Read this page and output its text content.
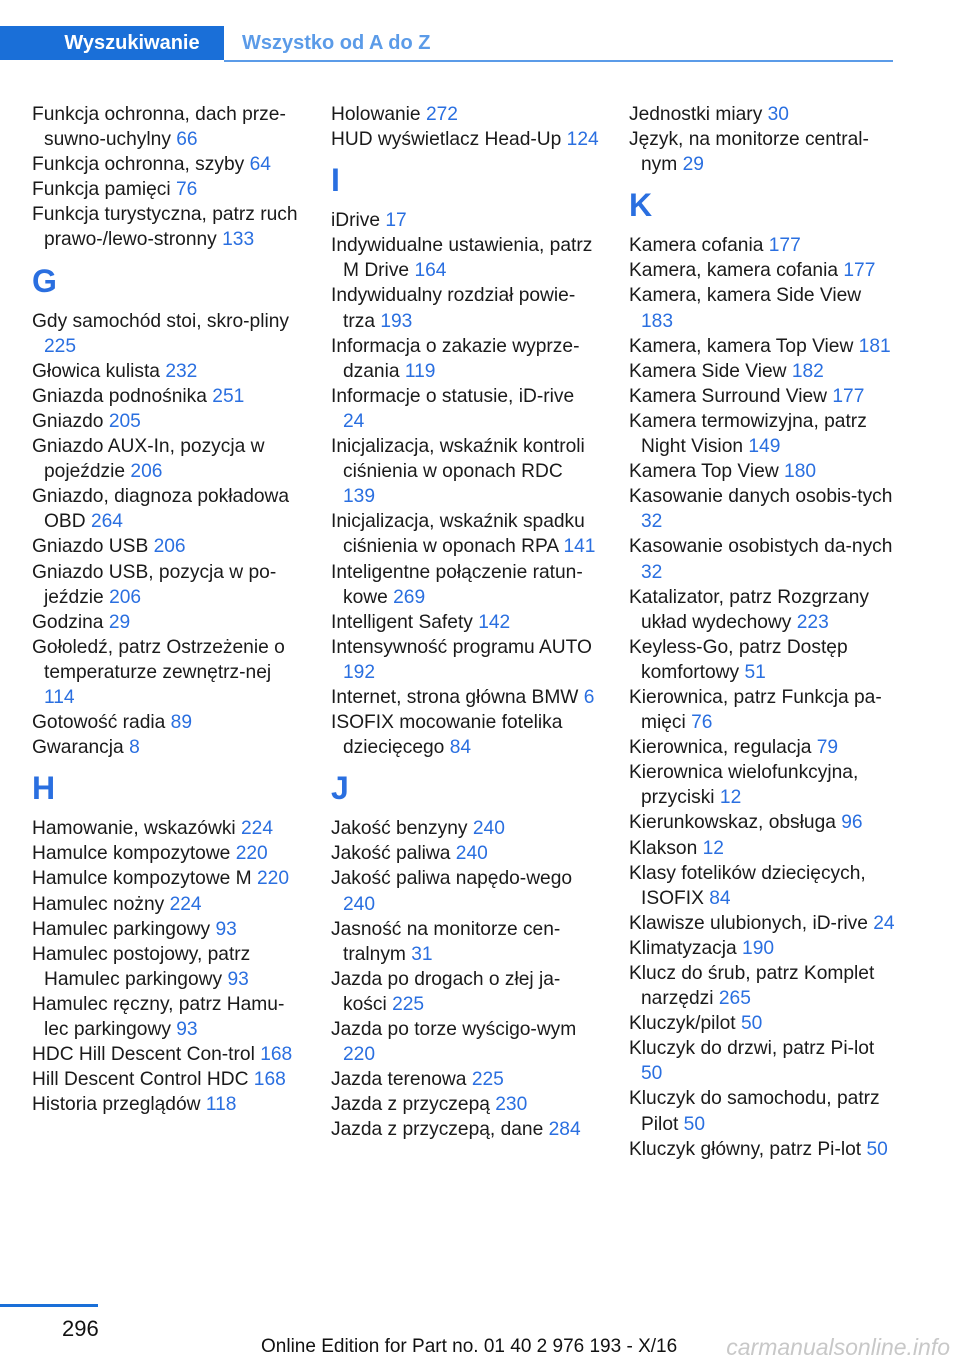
Wyszukiwanie	Wszystko od A do Z
Funkcja ochronna, dach prze-suwno-uchylny 66
Funkcja ochronna, szyby 64
Funkcja pamięci 76
Funkcja turystyczna, patrz ruch prawo-/lewo-stronny 133
G
Gdy samochód stoi, skro-pliny 225
Głowica kulista 232
Gniazda podnośnika 251
Gniazdo 205
Gniazdo AUX-In, pozycja w pojeździe 206
Gniazdo, diagnoza pokładowa OBD 264
Gniazdo USB 206
Gniazdo USB, pozycja w po-jeździe 206
Godzina 29
Gołoledź, patrz Ostrzeżenie o temperaturze zewnętrz-nej 114
Gotowość radia 89
Gwarancja 8
H
Hamowanie, wskazówki 224
Hamulce kompozytowe 220
Hamulce kompozytowe M 220
Hamulec nożny 224
Hamulec parkingowy 93
Hamulec postojowy, patrz Hamulec parkingowy 93
Hamulec ręczny, patrz Hamu-lec parkingowy 93
HDC Hill Descent Con-trol 168
Hill Descent Control HDC 168
Historia przeglądów 118
Holowanie 272
HUD wyświetlacz Head-Up 124
I
iDrive 17
Indywidualne ustawienia, patrz M Drive 164
Indywidualny rozdział powie-trza 193
Informacja o zakazie wyprze-dzania 119
Informacje o statusie, iD-rive 24
Inicjalizacja, wskaźnik kontroli ciśnienia w oponach RDC 139
Inicjalizacja, wskaźnik spadku ciśnienia w oponach RPA 141
Inteligentne połączenie ratun-kowe 269
Intelligent Safety 142
Intensywność programu AUTO 192
Internet, strona główna BMW 6
ISOFIX mocowanie fotelika dziecięcego 84
J
Jakość benzyny 240
Jakość paliwa 240
Jakość paliwa napędo-wego 240
Jasność na monitorze cen-tralnym 31
Jazda po drogach o złej ja-kości 225
Jazda po torze wyścigo-wym 220
Jazda terenowa 225
Jazda z przyczepą 230
Jazda z przyczepą, dane 284
Jednostki miary 30
Język, na monitorze central-nym 29
K
Kamera cofania 177
Kamera, kamera cofania 177
Kamera, kamera Side View 183
Kamera, kamera Top View 181
Kamera Side View 182
Kamera Surround View 177
Kamera termowizyjna, patrz Night Vision 149
Kamera Top View 180
Kasowanie danych osobis-tych 32
Kasowanie osobistych da-nych 32
Katalizator, patrz Rozgrzany układ wydechowy 223
Keyless-Go, patrz Dostęp komfortowy 51
Kierownica, patrz Funkcja pa-mięci 76
Kierownica, regulacja 79
Kierownica wielofunkcyjna, przyciski 12
Kierunkowskaz, obsługa 96
Klakson 12
Klasy fotelików dziecięcych, ISOFIX 84
Klawisze ulubionych, iD-rive 24
Klimatyzacja 190
Klucz do śrub, patrz Komplet narzędzi 265
Kluczyk/pilot 50
Kluczyk do drzwi, patrz Pi-lot 50
Kluczyk do samochodu, patrz Pilot 50
Kluczyk główny, patrz Pi-lot 50
296
Online Edition for Part no. 01 40 2 976 193 - X/16 carmanualsonline.info
